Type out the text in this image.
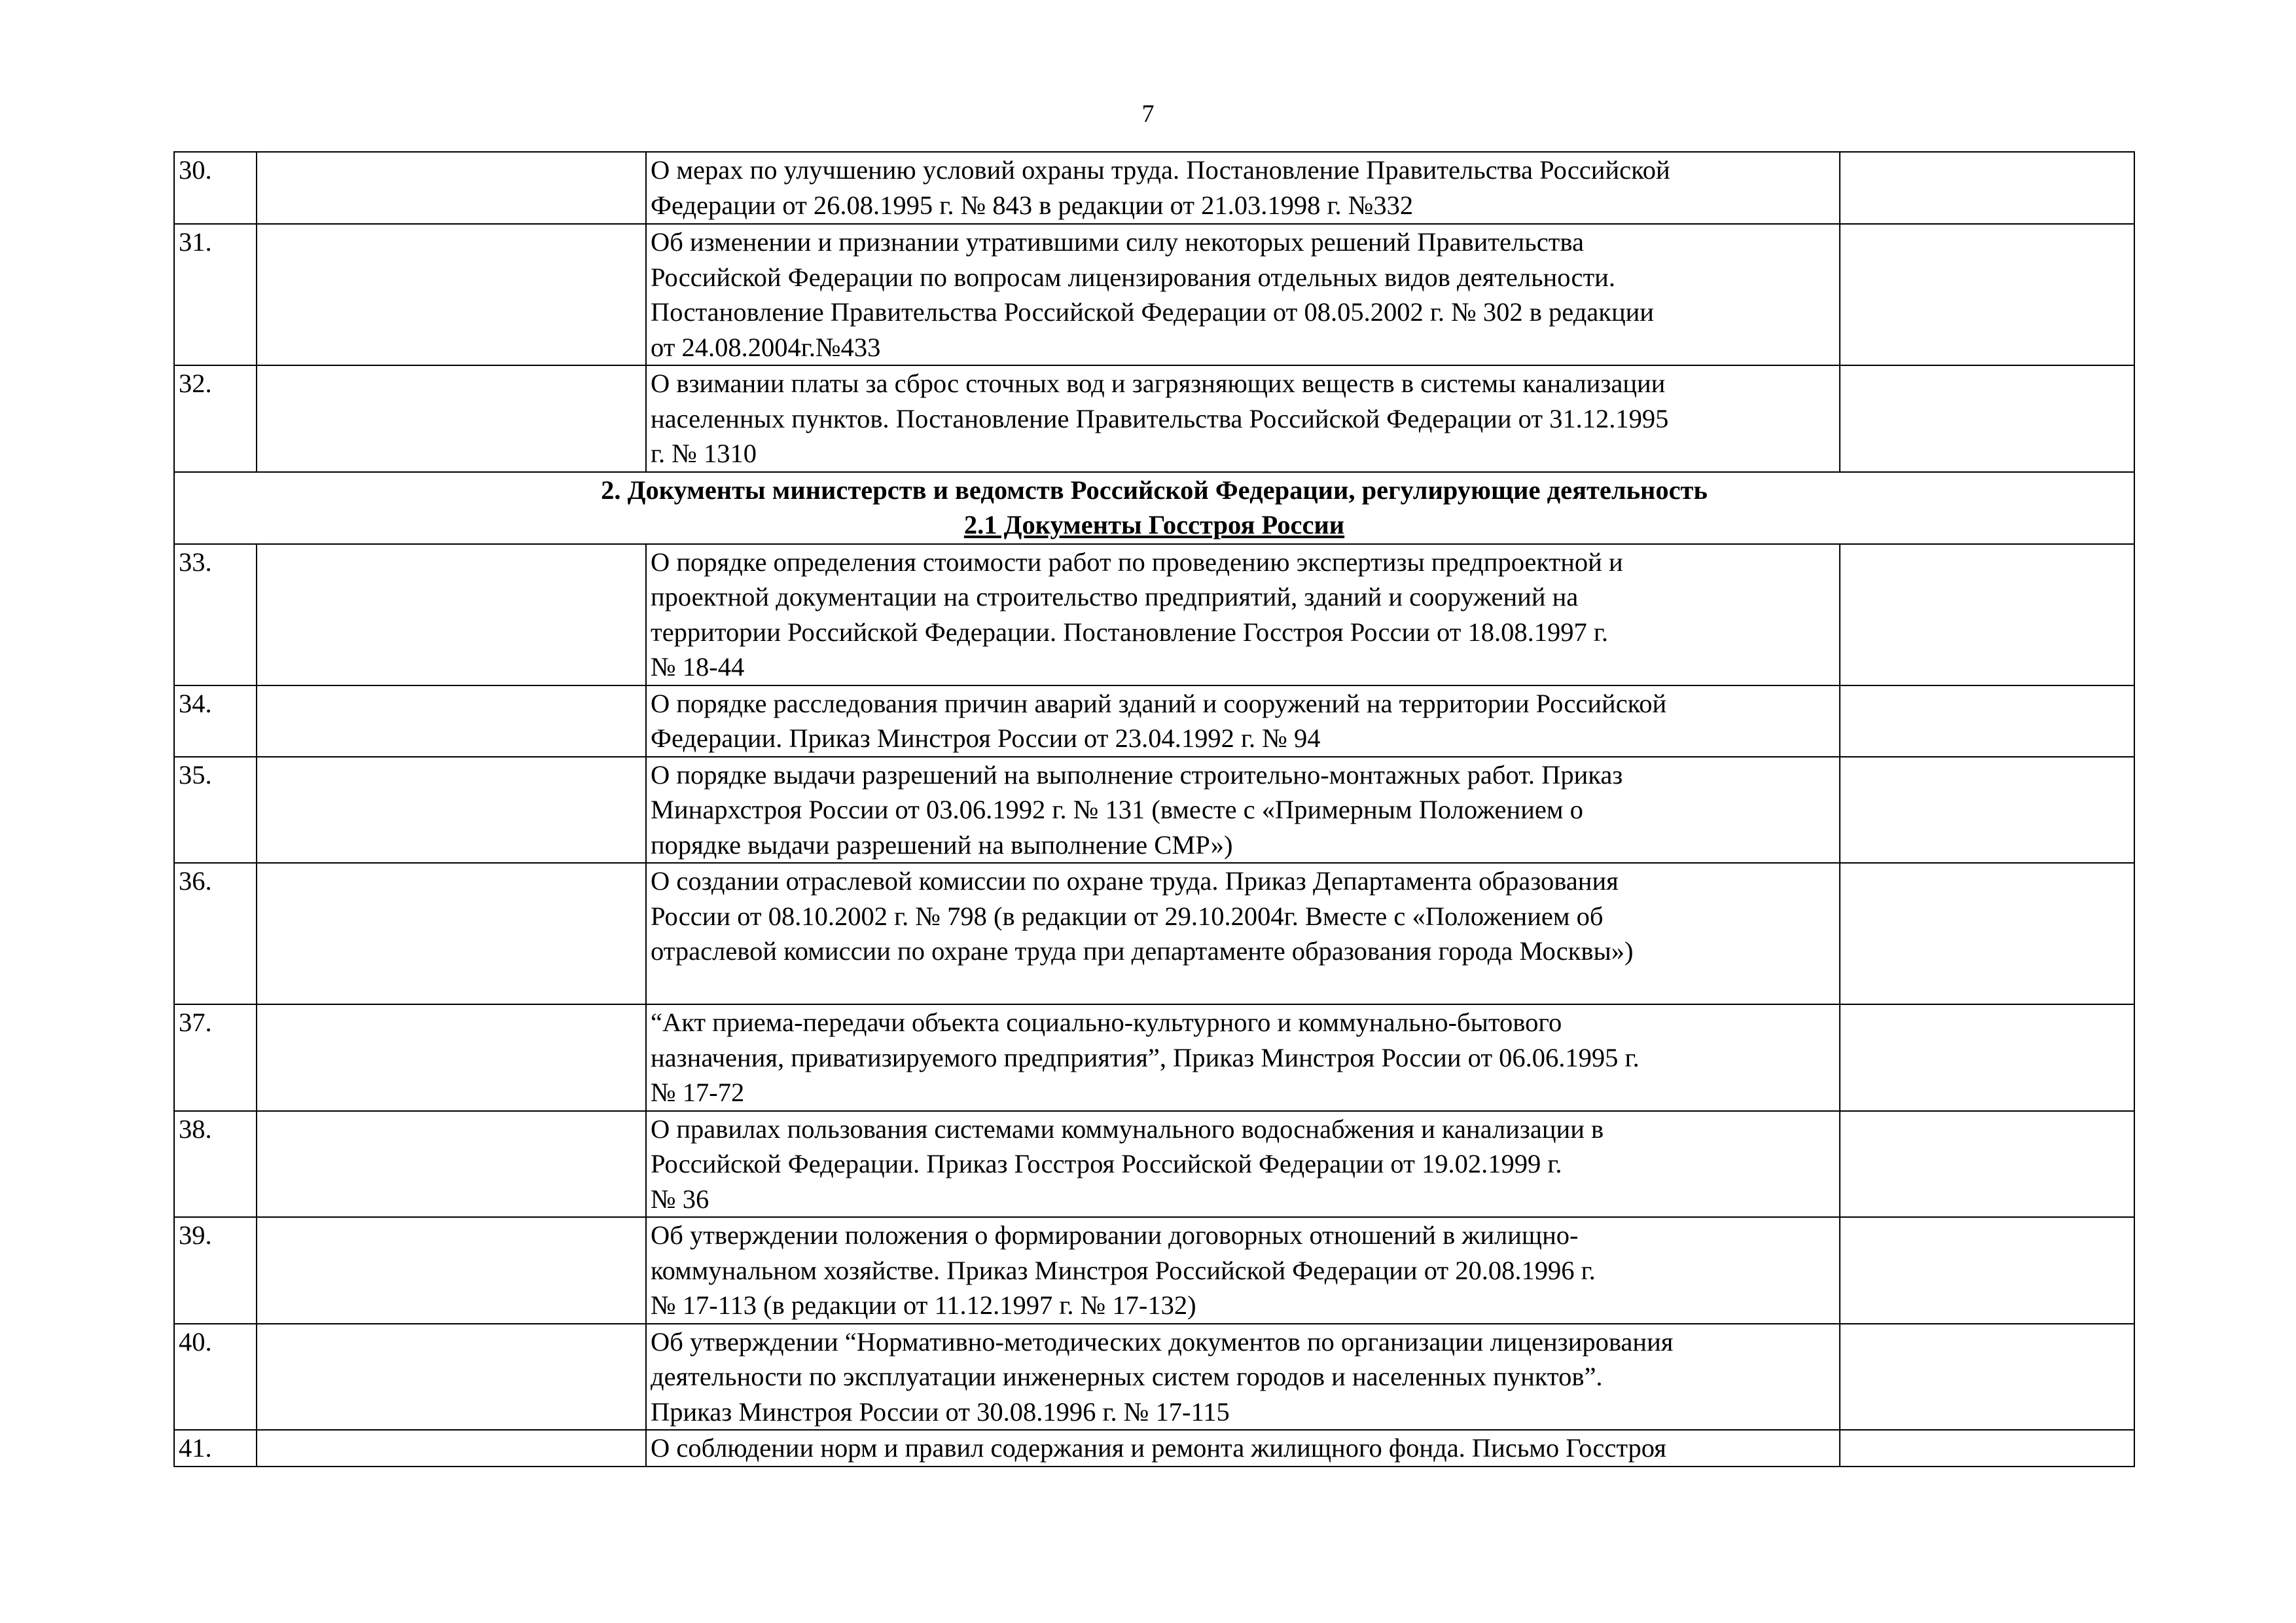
7
30.		О мерах по улучшению условий охраны труда. Постановление Правительства Российской
Федерации от 26.08.1995 г. № 843 в редакции от 21.03.1998 г. №332	

31.		Об изменении и признании утратившими силу некоторых решений Правительства
Российской Федерации по вопросам лицензирования отдельных видов деятельности.
Постановление Правительства Российской Федерации от 08.05.2002 г. № 302 в редакции
от 24.08.2004г.№433	

32.		О взимании платы за сброс сточных вод и загрязняющих веществ в системы канализации
населенных пунктов. Постановление Правительства Российской Федерации от 31.12.1995
г. № 1310	

2. Документы министерств и ведомств Российской Федерации, регулирующие деятельность
2.1 Документы Госстроя России			

33.		О порядке определения стоимости работ по проведению экспертизы предпроектной и
проектной документации на строительство предприятий, зданий и сооружений на
территории Российской Федерации. Постановление Госстроя России от 18.08.1997 г.
№ 18-44	

34.		О порядке расследования причин аварий зданий и сооружений на территории Российской
Федерации. Приказ Минстроя России от 23.04.1992 г. № 94	

35.		О порядке выдачи разрешений на выполнение строительно-монтажных работ. Приказ
Минархстроя России от 03.06.1992 г. № 131 (вместе с «Примерным Положением о
порядке выдачи разрешений на выполнение СМР»)	

36.		О создании отраслевой комиссии по охране труда. Приказ Департамента образования
России от 08.10.2002 г. № 798 (в редакции от 29.10.2004г. Вместе с «Положением об
отраслевой комиссии по охране труда при департаменте образования города Москвы»)	

37.		“Акт приема-передачи объекта социально-культурного и коммунально-бытового
назначения, приватизируемого предприятия”, Приказ Минстроя России от 06.06.1995 г.
№ 17-72	

38.		О правилах пользования системами коммунального водоснабжения и канализации в
Российской Федерации. Приказ Госстроя Российской Федерации от 19.02.1999 г.
№ 36	

39.		Об утверждении положения о формировании договорных отношений в жилищно-
коммунальном хозяйстве. Приказ Минстроя Российской Федерации от 20.08.1996 г.
№ 17-113 (в редакции от 11.12.1997 г. № 17-132)	

40.		Об утверждении “Нормативно-методических документов по организации лицензирования
деятельности по эксплуатации инженерных систем городов и населенных пунктов”.
Приказ Минстроя России от 30.08.1996 г. № 17-115	

41.		О соблюдении норм и правил содержания и ремонта жилищного фонда. Письмо Госстроя	
